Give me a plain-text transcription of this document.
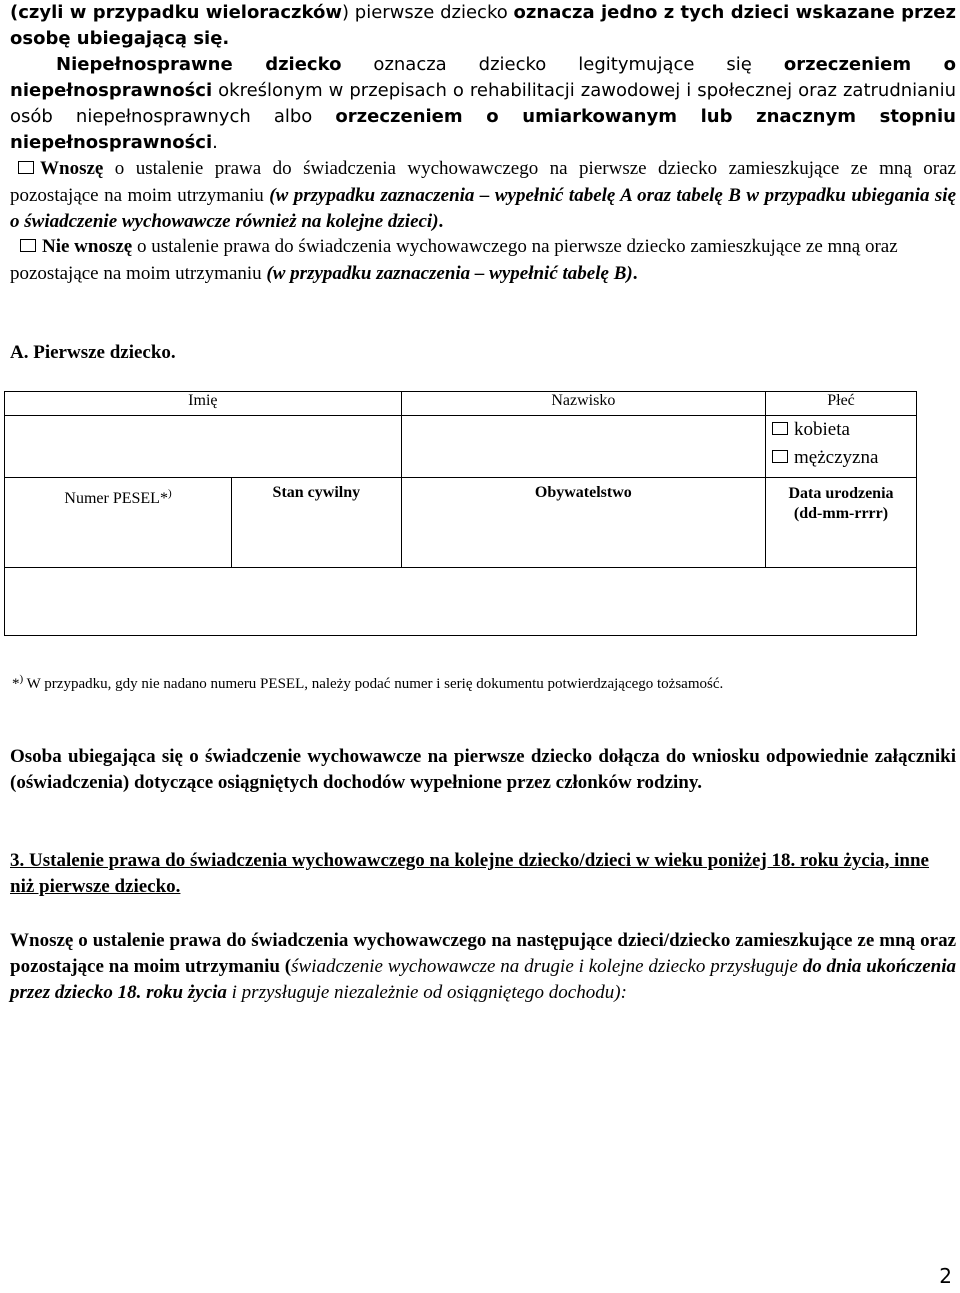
(czyli w przypadku wieloraczków) pierwsze dziecko oznacza jedno z tych dzieci wskazane przez osobę ubiegającą się.
Niepełnosprawne dziecko oznacza dziecko legitymujące się orzeczeniem o niepełnosprawności określonym w przepisach o rehabilitacji zawodowej i społecznej oraz zatrudnianiu osób niepełnosprawnych albo orzeczeniem o umiarkowanym lub znacznym stopniu niepełnosprawności.
Wnoszę o ustalenie prawa do świadczenia wychowawczego na pierwsze dziecko zamieszkujące ze mną oraz pozostające na moim utrzymaniu (w przypadku zaznaczenia – wypełnić tabelę A oraz tabelę B w przypadku ubiegania się o świadczenie wychowawcze również na kolejne dzieci).
Nie wnoszę o ustalenie prawa do świadczenia wychowawczego na pierwsze dziecko zamieszkujące ze mną oraz pozostające na moim utrzymaniu (w przypadku zaznaczenia – wypełnić tabelę B).
A. Pierwsze dziecko.
Imię		Nazwisko	Płeć

			kobieta
mężczyzna

Numer PESEL*)	Stan cywilny	Obywatelstwo	Data urodzenia
(dd-mm-rrrr)

*) W przypadku, gdy nie nadano numeru PESEL, należy podać numer i serię dokumentu potwierdzającego tożsamość.
Osoba ubiegająca się o świadczenie wychowawcze na pierwsze dziecko dołącza do wniosku odpowiednie załączniki (oświadczenia) dotyczące osiągniętych dochodów wypełnione przez członków rodziny.
3. Ustalenie prawa do świadczenia wychowawczego na kolejne dziecko/dzieci w wieku poniżej 18. roku życia, inne niż pierwsze dziecko.
Wnoszę o ustalenie prawa do świadczenia wychowawczego na następujące dzieci/dziecko zamieszkujące ze mną oraz pozostające na moim utrzymaniu (świadczenie wychowawcze na drugie i kolejne dziecko przysługuje do dnia ukończenia przez dziecko 18. roku życia i przysługuje niezależnie od osiągniętego dochodu):
2
